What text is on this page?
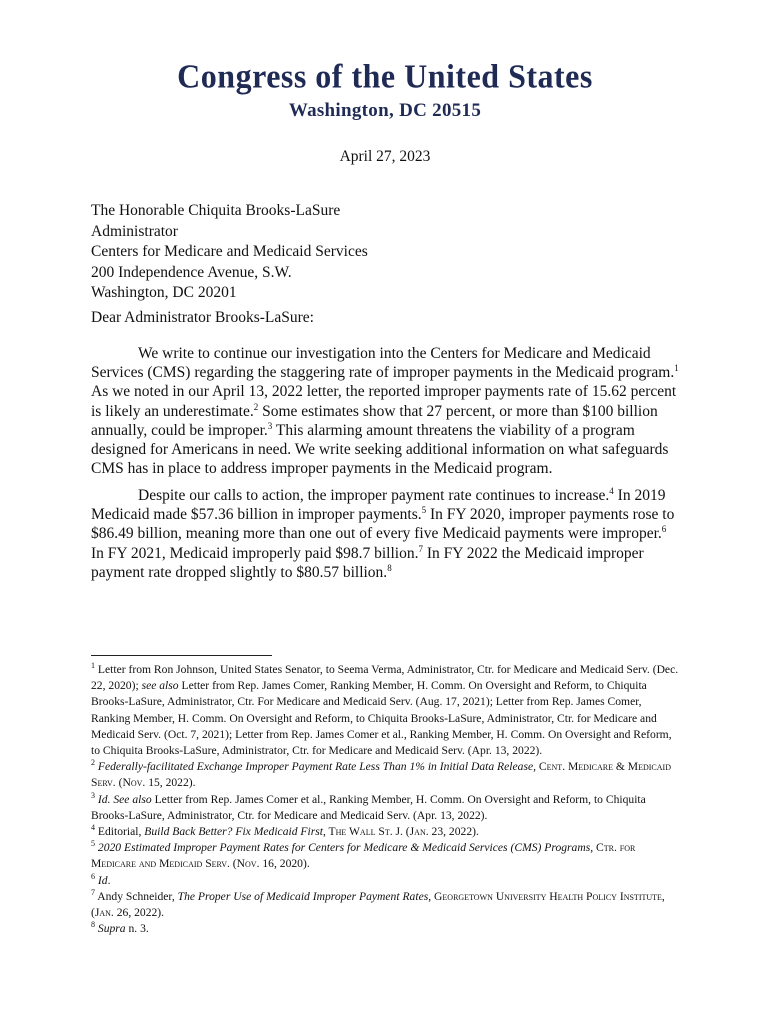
Congress of the United States
Washington, DC 20515
April 27, 2023
The Honorable Chiquita Brooks-LaSure
Administrator
Centers for Medicare and Medicaid Services
200 Independence Avenue, S.W.
Washington, DC 20201
Dear Administrator Brooks-LaSure:

We write to continue our investigation into the Centers for Medicare and Medicaid Services (CMS) regarding the staggering rate of improper payments in the Medicaid program.$^1$ As we noted in our April 13, 2022 letter, the reported improper payments rate of 15.62 percent is likely an underestimate.$^2$ Some estimates show that 27 percent, or more than $100 billion annually, could be improper.$^3$ This alarming amount threatens the viability of a program designed for Americans in need. We write seeking additional information on what safeguards CMS has in place to address improper payments in the Medicaid program.

Despite our calls to action, the improper payment rate continues to increase.$^4$ In 2019 Medicaid made $57.36 billion in improper payments.$^5$ In FY 2020, improper payments rose to $86.49 billion, meaning more than one out of every five Medicaid payments were improper.$^6$ In FY 2021, Medicaid improperly paid $98.7 billion.$^7$ In FY 2022 the Medicaid improper payment rate dropped slightly to $80.57 billion.$^8$

$^1$ Letter from Ron Johnson, United States Senator, to Seema Verma, Administrator, Ctr. for Medicare and Medicaid Serv. (Dec. 22, 2020); see also Letter from Rep. James Comer, Ranking Member, H. Comm. On Oversight and Reform, to Chiquita Brooks-LaSure, Administrator, Ctr. For Medicare and Medicaid Serv. (Aug. 17, 2021); Letter from Rep. James Comer, Ranking Member, H. Comm. On Oversight and Reform, to Chiquita Brooks-LaSure, Administrator, Ctr. for Medicare and Medicaid Serv. (Oct. 7, 2021); Letter from Rep. James Comer et al., Ranking Member, H. Comm. On Oversight and Reform, to Chiquita Brooks-LaSure, Administrator, Ctr. for Medicare and Medicaid Serv. (Apr. 13, 2022).

$^2$ Federally-facilitated Exchange Improper Payment Rate Less Than 1% in Initial Data Release, Cent. Medicare & Medicaid Serv. (Nov. 15, 2022).

$^3$ Id. See also Letter from Rep. James Comer et al., Ranking Member, H. Comm. On Oversight and Reform, to Chiquita Brooks-LaSure, Administrator, Ctr. for Medicare and Medicaid Serv. (Apr. 13, 2022).

$^4$ Editorial, Build Back Better? Fix Medicaid First, The Wall St. J. (Jan. 23, 2022).

$^5$ 2020 Estimated Improper Payment Rates for Centers for Medicare & Medicaid Services (CMS) Programs, Ctr. for Medicare and Medicaid Serv. (Nov. 16, 2020).

$^6$ Id.

$^7$ Andy Schneider, The Proper Use of Medicaid Improper Payment Rates, Georgetown University Health Policy Institute, (Jan. 26, 2022).

$^8$ Supra n. 3.
